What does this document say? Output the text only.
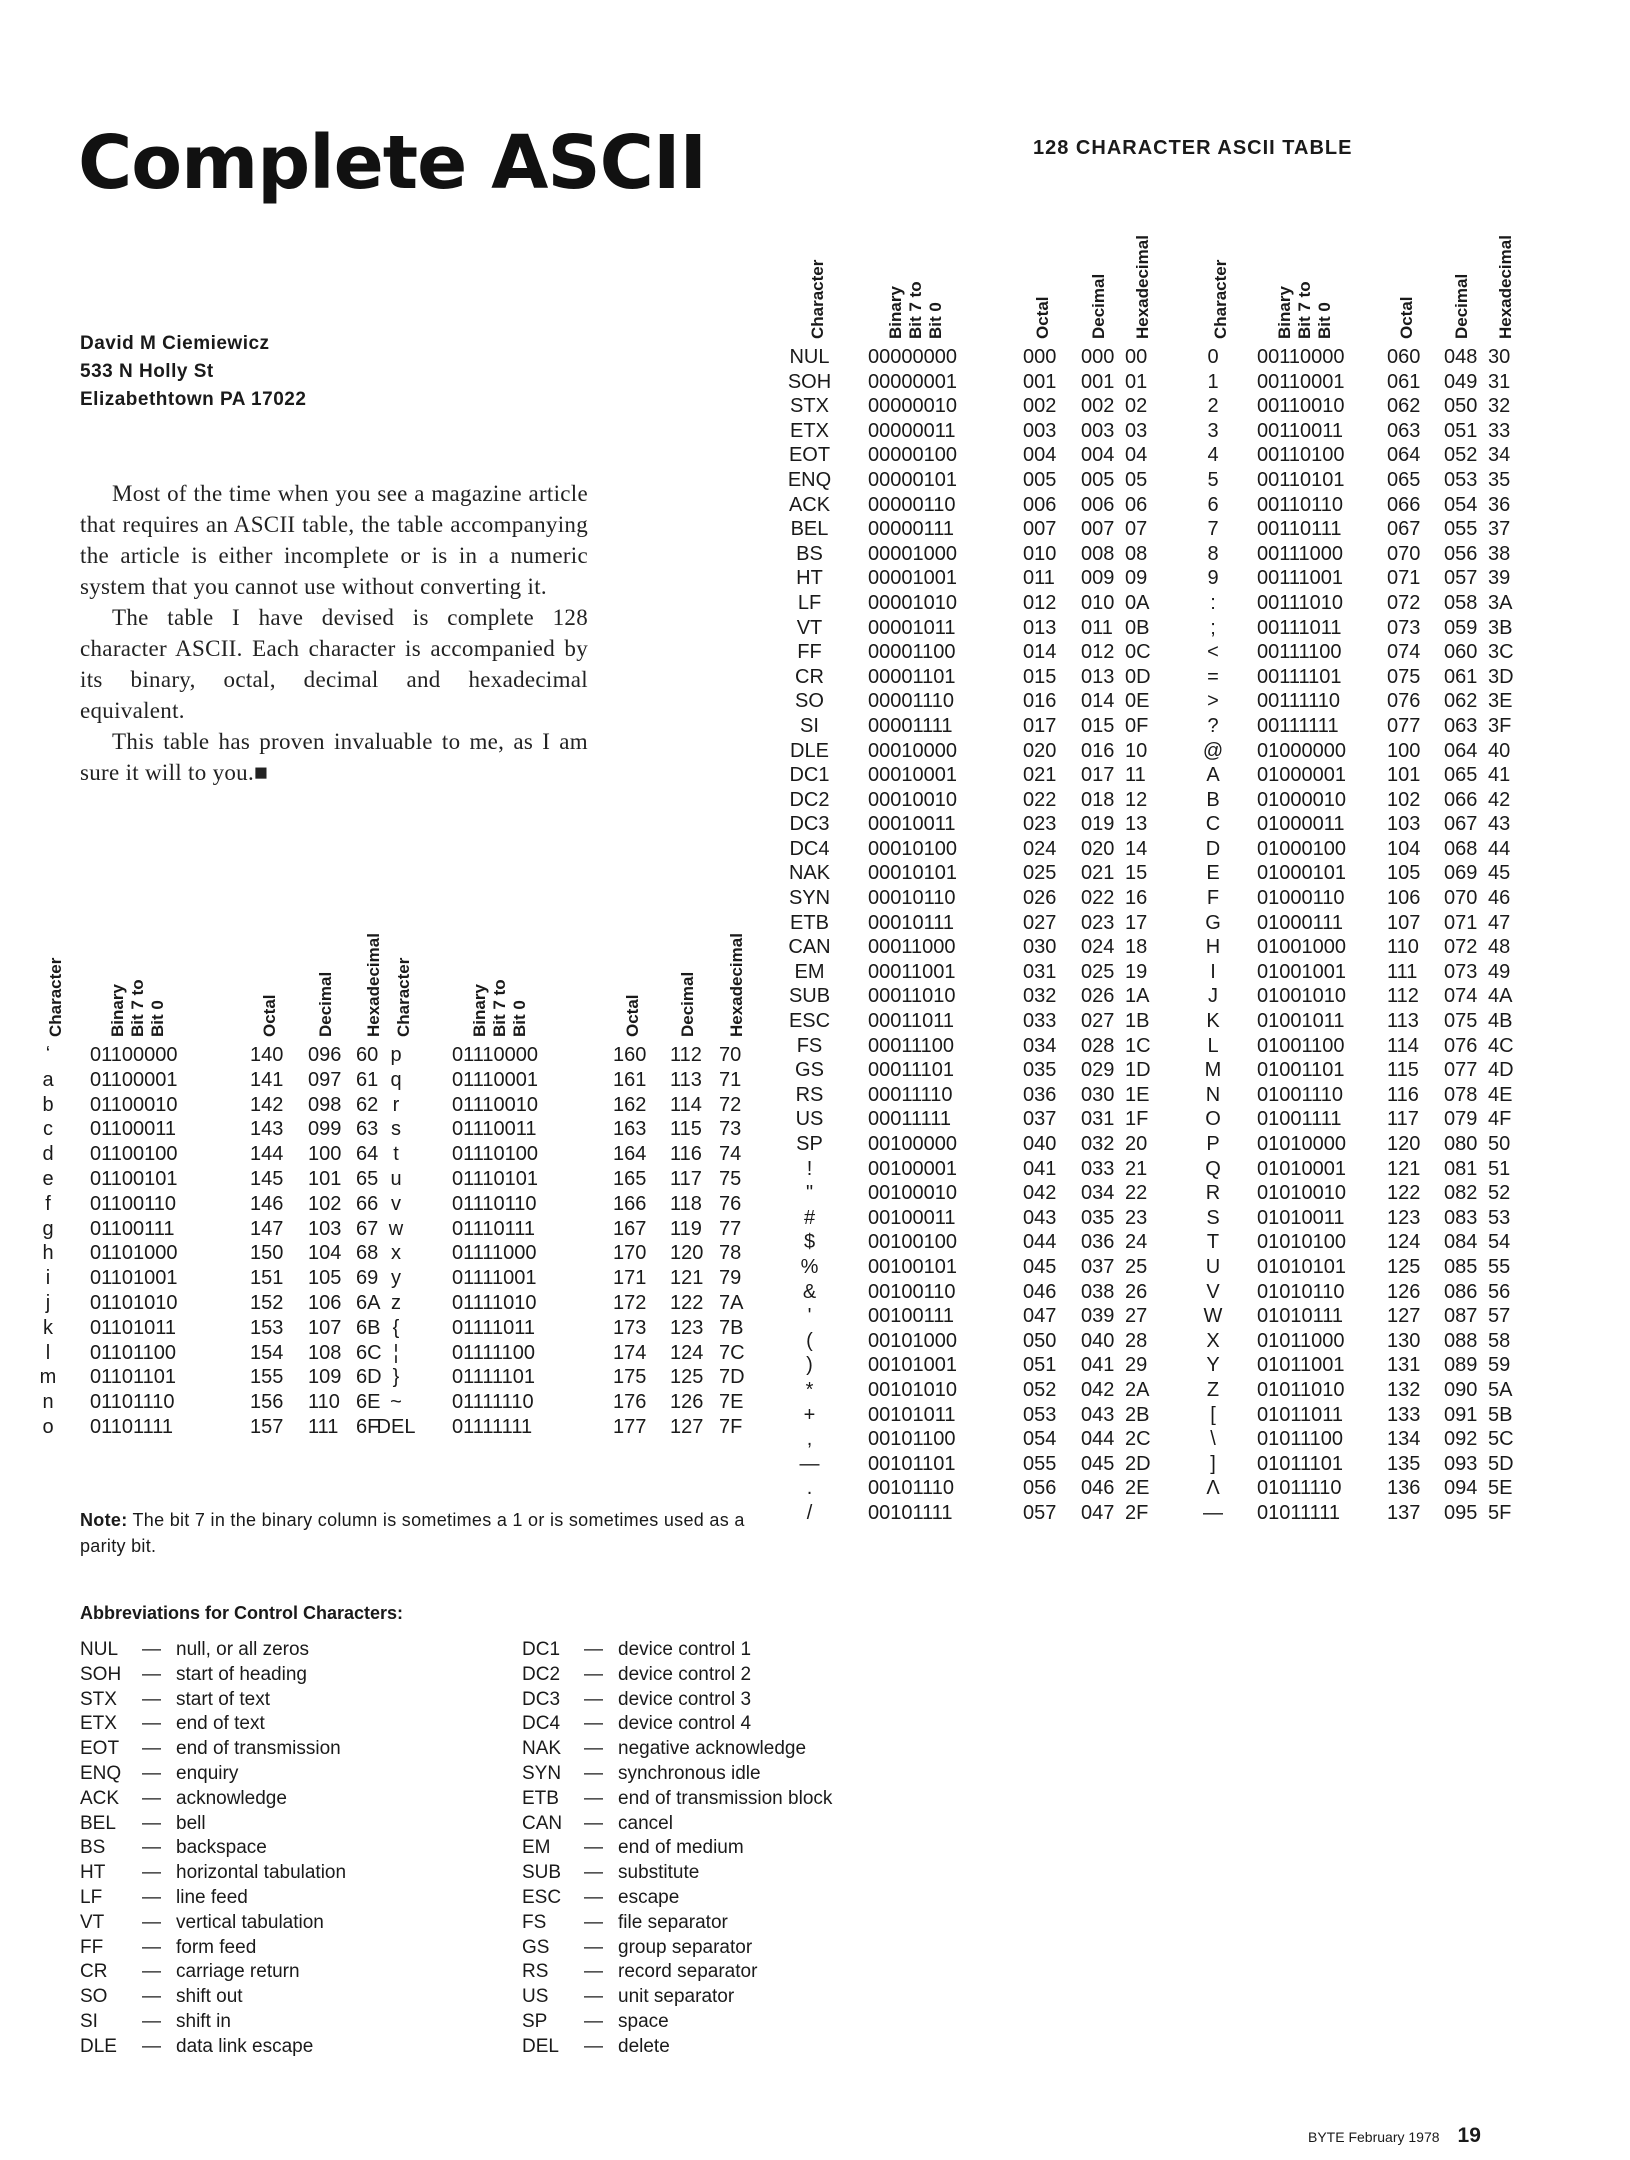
Complete ASCII	128 CHARACTER ASCII TABLE
David M Ciemiewicz
533 N Holly St
Elizabethtown PA 17022

Most of the time when you see a magazine article that requires an ASCII table, the table accompanying the article is either incomplete or is in a numeric system that you cannot use without converting it.

The table I have devised is complete 128 character ASCII. Each character is accompanied by its binary, octal, decimal and hexadecimal equivalent.

This table has proven invaluable to me, as I am sure it will to you.■

Character	Binary
Bit 7 to
Bit 0	Octal Decimal Hexadecimal
NUL	00000000	000	000 00
SOH	00000001	001	001 01
STX	00000010	002	002 02
ETX	00000011	003	003 03
EOT	00000100	004	004 04
ENQ	00000101	005	005 05
ACK	00000110	006	006 06
BEL	00000111	007	007 07
BS	00001000	010	008 08
HT	00001001	011	009 09
LF	00001010	012	010 0A
VT	00001011	013	011 0B
FF	00001100	014	012 0C
CR	00001101	015	013 0D
SO	00001110	016	014 0E
SI	00001111	017	015 0F
DLE	00010000	020	016 10
DC1	00010001	021	017 11
DC2	00010010	022	018 12
DC3	00010011	023	019 13
DC4	00010100	024	020 14
NAK	00010101	025	021 15
SYN	00010110	026	022 16
ETB	00010111	027	023 17
CAN	00011000	030	024 18
EM	00011001	031	025 19
SUB	00011010	032	026 1A
ESC	00011011	033	027 1B
FS	00011100	034	028 1C
GS	00011101	035	029 1D
RS	00011110	036	030 1E
US	00011111	037	031 1F
SP	00100000	040	032 20
!	00100001	041	033 21
"	00100010	042	034 22
#	00100011	043	035 23
$	00100100	044	036 24
%	00100101	045	037 25
&	00100110	046	038 26
'	00100111	047	039 27
(	00101000	050	040 28
)	00101001	051	041 29
*	00101010	052	042 2A
+	00101011	053	043 2B
,	00101100	054	044 2C
—	00101101	055	045 2D
.	00101110	056	046 2E
/	00101111	057	047 2F
Character	Binary
Bit 7 to
Bit 0	Octal Decimal Hexadecimal
0	00110000	060	048 30
1	00110001	061	049 31
2	00110010	062	050 32
3	00110011	063	051 33
4	00110100	064	052 34
5	00110101	065	053 35
6	00110110	066	054 36
7	00110111	067	055 37
8	00111000	070	056 38
9	00111001	071	057 39
:	00111010	072	058 3A
;	00111011	073	059 3B
<	00111100	074	060 3C
=	00111101	075	061 3D
>	00111110	076	062 3E
?	00111111	077	063 3F
@	01000000	100	064 40
A	01000001	101	065 41
B	01000010	102	066 42
C	01000011	103	067 43
D	01000100	104	068 44
E	01000101	105	069 45
F	01000110	106	070 46
G	01000111	107	071 47
H	01001000	110	072 48
I	01001001	111	073 49
J	01001010	112	074 4A
K	01001011	113	075 4B
L	01001100	114	076 4C
M	01001101	115	077 4D
N	01001110	116	078 4E
O	01001111	117	079 4F
P	01010000	120	080 50
Q	01010001	121	081 51
R	01010010	122	082 52
S	01010011	123	083 53
T	01010100	124	084 54
U	01010101	125	085 55
V	01010110	126	086 56
W	01010111	127	087 57
X	01011000	130	088 58
Y	01011001	131	089 59
Z	01011010	132	090 5A
[	01011011	133	091 5B
\	01011100	134	092 5C
]	01011101	135	093 5D
Λ	01011110	136	094 5E
—	01011111	137	095 5F
Character	Binary
Bit 7 to
Bit 0	Octal Decimal Hexadecimal
ʻ	01100000	140	096 60
a	01100001	141	097 61
b	01100010	142	098 62
c	01100011	143	099 63
d	01100100	144	100 64
e	01100101	145	101 65
f	01100110	146	102 66
g	01100111	147	103 67
h	01101000	150	104 68
i	01101001	151	105 69
j	01101010	152	106 6A
k	01101011	153	107 6B
l	01101100	154	108 6C
m	01101101	155	109 6D
n	01101110	156	110 6E
o	01101111	157	111 6F
Character	Binary
Bit 7 to
Bit 0	Octal Decimal Hexadecimal
p	01110000	160	112 70
q	01110001	161	113 71
r	01110010	162	114 72
s	01110011	163	115 73
t	01110100	164	116 74
u	01110101	165	117 75
v	01110110	166	118 76
w	01110111	167	119 77
x	01111000	170	120 78
y	01111001	171	121 79
z	01111010	172	122 7A
{	01111011	173	123 7B
¦	01111100	174	124 7C
}	01111101	175	125 7D
~	01111110	176	126 7E
DEL	01111111	177	127 7F
Note: The bit 7 in the binary column is sometimes a 1 or is sometimes used as a parity bit.
Abbreviations for Control Characters:
NUL	— null, or all zeros
SOH	— start of heading
STX	— start of text
ETX	— end of text
EOT	— end of transmission
ENQ	— enquiry
ACK	— acknowledge
BEL	— bell
BS	— backspace
HT	— horizontal tabulation
LF	— line feed
VT	— vertical tabulation
FF	— form feed
CR	— carriage return
SO	— shift out
SI	— shift in
DLE	— data link escape
DC1	— device control 1
DC2	— device control 2
DC3	— device control 3
DC4	— device control 4
NAK	— negative acknowledge
SYN	— synchronous idle
ETB	— end of transmission block
CAN	— cancel
EM	— end of medium
SUB	— substitute
ESC	— escape
FS	— file separator
GS	— group separator
RS	— record separator
US	— unit separator
SP	— space
DEL	— delete
BYTE February 1978 19
